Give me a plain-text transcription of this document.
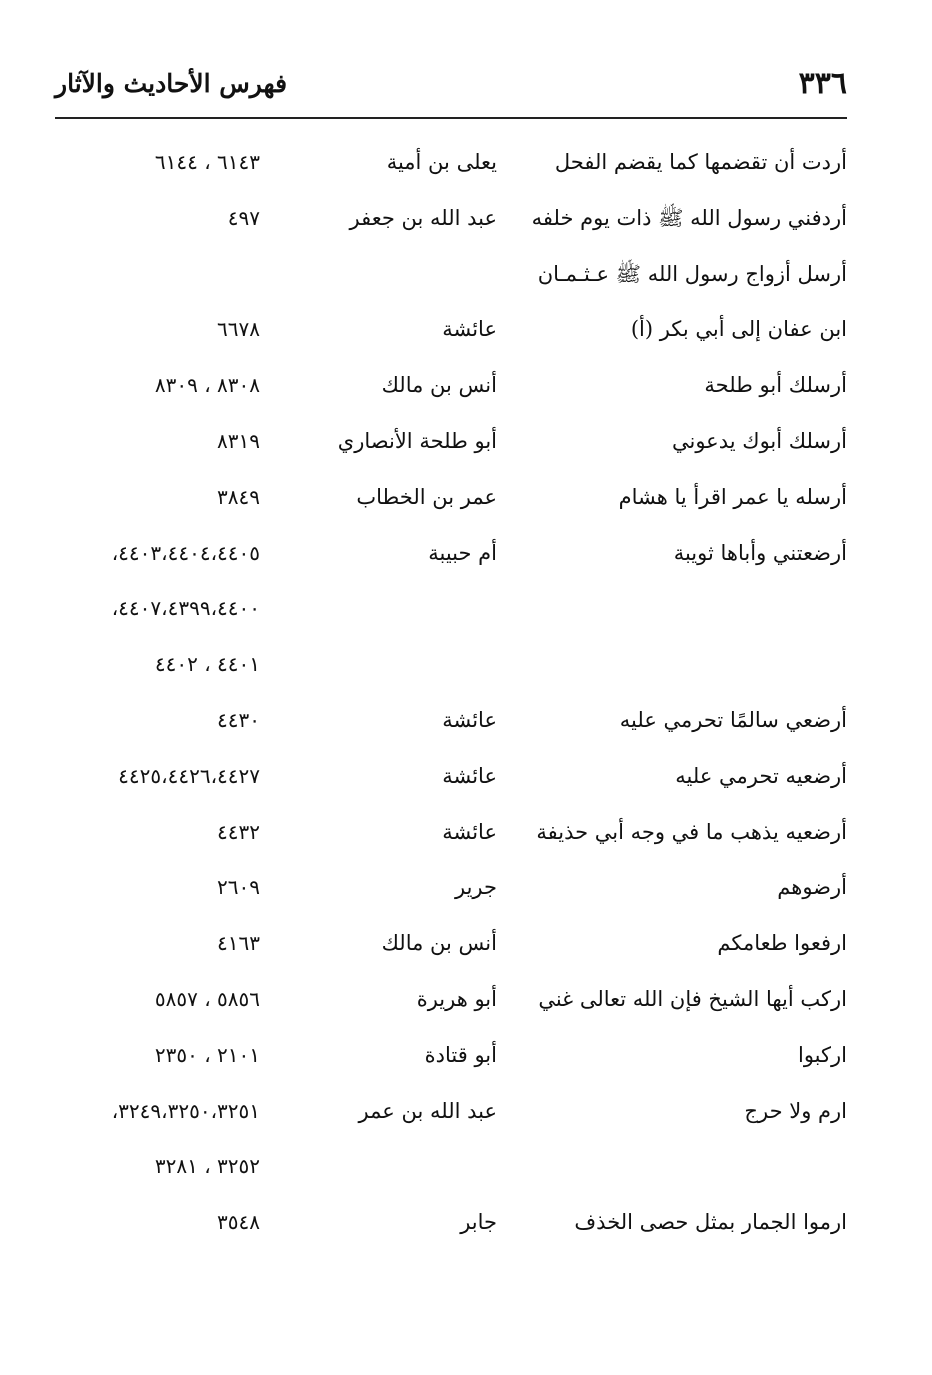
٣٣٦
فهرس الأحاديث والآثار
أردت أن تقضمها كما يقضم الفحل
يعلى بن أمية
٦١٤٣ ، ٦١٤٤
أردفني رسول الله ﷺ ذات يوم خلفه
عبد الله بن جعفر
٤٩٧
أرسل أزواج رسول الله ﷺ عـثـمـان
ابن عفان إلى أبي بكر (أ)
عائشة
٦٦٧٨
أرسلك أبو طلحة
أنس بن مالك
٨٣٠٨ ، ٨٣٠٩
أرسلك أبوك يدعوني
أبو طلحة الأنصاري
٨٣١٩
أرسله يا عمر اقرأ يا هشام
عمر بن الخطاب
٣٨٤٩
أرضعتني وأباها ثويبة
أم حبيبة
٤٤٠٣،٤٤٠٤،٤٤٠٥،
٤٤٠٧،٤٣٩٩،٤٤٠٠،
٤٤٠١ ، ٤٤٠٢
أرضعي سالمًا تحرمي عليه
عائشة
٤٤٣٠
أرضعيه تحرمي عليه
عائشة
٤٤٢٥،٤٤٢٦،٤٤٢٧
أرضعيه يذهب ما في وجه أبي حذيفة
عائشة
٤٤٣٢
أرضوهم
جرير
٢٦٠٩
ارفعوا طعامكم
أنس بن مالك
٤١٦٣
اركب أيها الشيخ فإن الله تعالى غني
أبو هريرة
٥٨٥٦ ، ٥٨٥٧
اركبوا
أبو قتادة
٢١٠١ ، ٢٣٥٠
ارم ولا حرج
عبد الله بن عمر
٣٢٤٩،٣٢٥٠،٣٢٥١،
٣٢٥٢ ، ٣٢٨١
ارموا الجمار بمثل حصى الخذف
جابر
٣٥٤٨
